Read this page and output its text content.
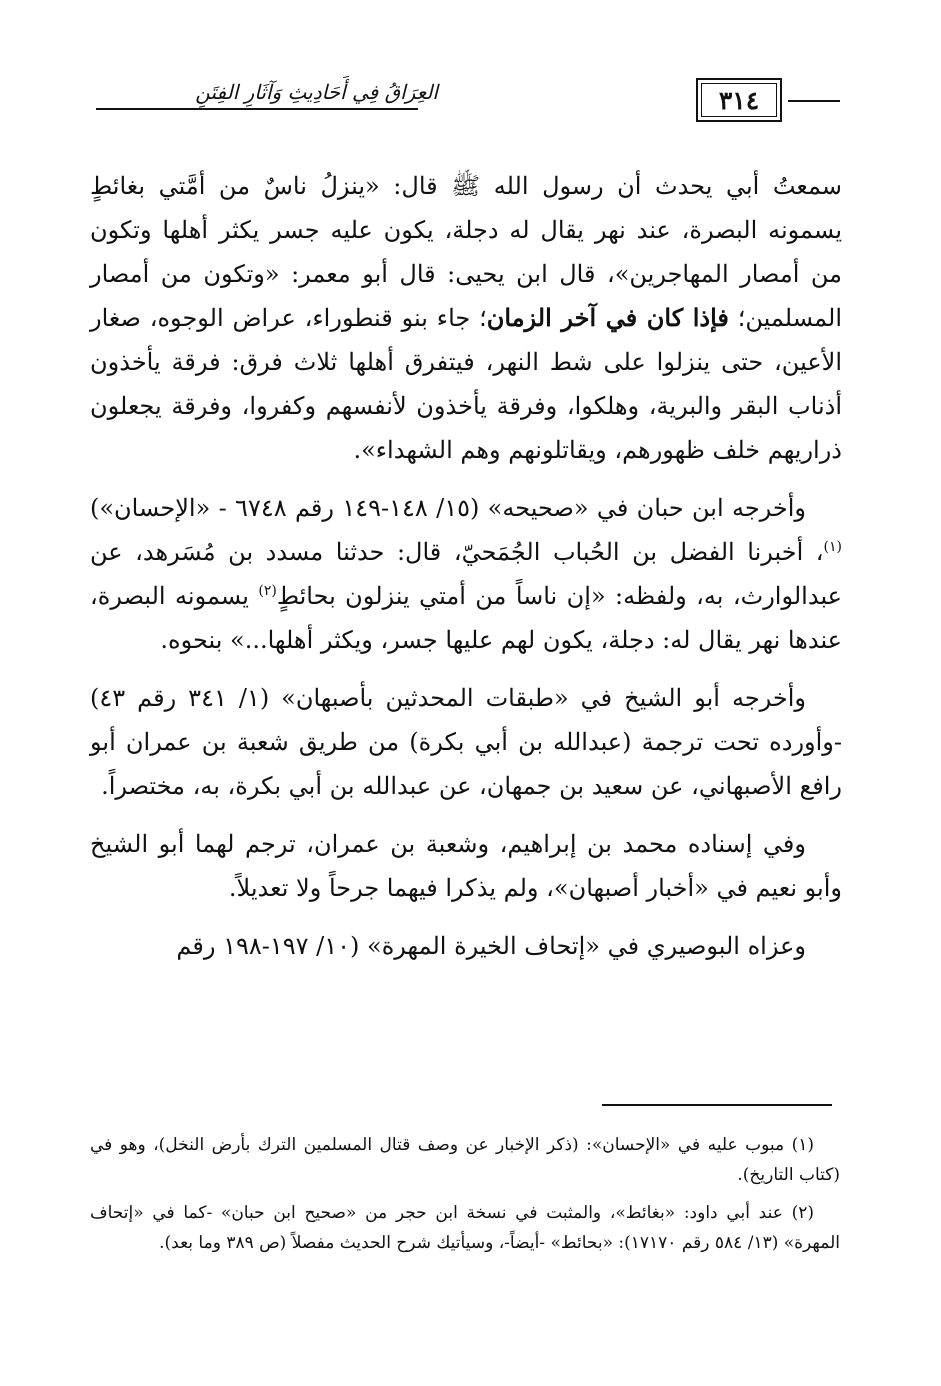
العِرَاقُ فِي أَحَادِيثِ وَآثَارِ الفِتَنِ	٣١٤

سمعتُ أبي يحدث أن رسول الله ﷺ قال: «ينزلُ ناسٌ من أمَّتي بغائطٍ يسمونه البصرة، عند نهر يقال له دجلة، يكون عليه جسر يكثر أهلها وتكون من أمصار المهاجرين»، قال ابن يحيى: قال أبو معمر: «وتكون من أمصار المسلمين؛ فإذا كان في آخر الزمان؛ جاء بنو قنطوراء، عراض الوجوه، صغار الأعين، حتى ينزلوا على شط النهر، فيتفرق أهلها ثلاث فرق: فرقة يأخذون أذناب البقر والبرية، وهلكوا، وفرقة يأخذون لأنفسهم وكفروا، وفرقة يجعلون ذراريهم خلف ظهورهم، ويقاتلونهم وهم الشهداء».

وأخرجه ابن حبان في «صحيحه» (١٥/ ١٤٨-١٤٩ رقم ٦٧٤٨ - «الإحسان»)$^{(١)}$، أخبرنا الفضل بن الحُباب الجُمَحيّ، قال: حدثنا مسدد بن مُسَرهد، عن عبدالوارث، به، ولفظه: «إن ناساً من أمتي ينزلون بحائطٍ$^{(٢)}$ يسمونه البصرة، عندها نهر يقال له: دجلة، يكون لهم عليها جسر، ويكثر أهلها...» بنحوه.

وأخرجه أبو الشيخ في «طبقات المحدثين بأصبهان» (١/ ٣٤١ رقم ٤٣) -وأورده تحت ترجمة (عبدالله بن أبي بكرة) من طريق شعبة بن عمران أبو رافع الأصبهاني، عن سعيد بن جمهان، عن عبدالله بن أبي بكرة، به، مختصراً.

وفي إسناده محمد بن إبراهيم، وشعبة بن عمران، ترجم لهما أبو الشيخ وأبو نعيم في «أخبار أصبهان»، ولم يذكرا فيهما جرحاً ولا تعديلاً.

وعزاه البوصيري في «إتحاف الخيرة المهرة» (١٠/ ١٩٧-١٩٨ رقم

(١) مبوب عليه في «الإحسان»: (ذكر الإخبار عن وصف قتال المسلمين الترك بأرض النخل)، وهو في (كتاب التاريخ).

(٢) عند أبي داود: «بغائط»، والمثبت في نسخة ابن حجر من «صحيح ابن حبان» -كما في «إتحاف المهرة» (١٣/ ٥٨٤ رقم ١٧١٧٠): «بحائط» -أيضاً-، وسيأتيك شرح الحديث مفصلاً (ص ٣٨٩ وما بعد).
